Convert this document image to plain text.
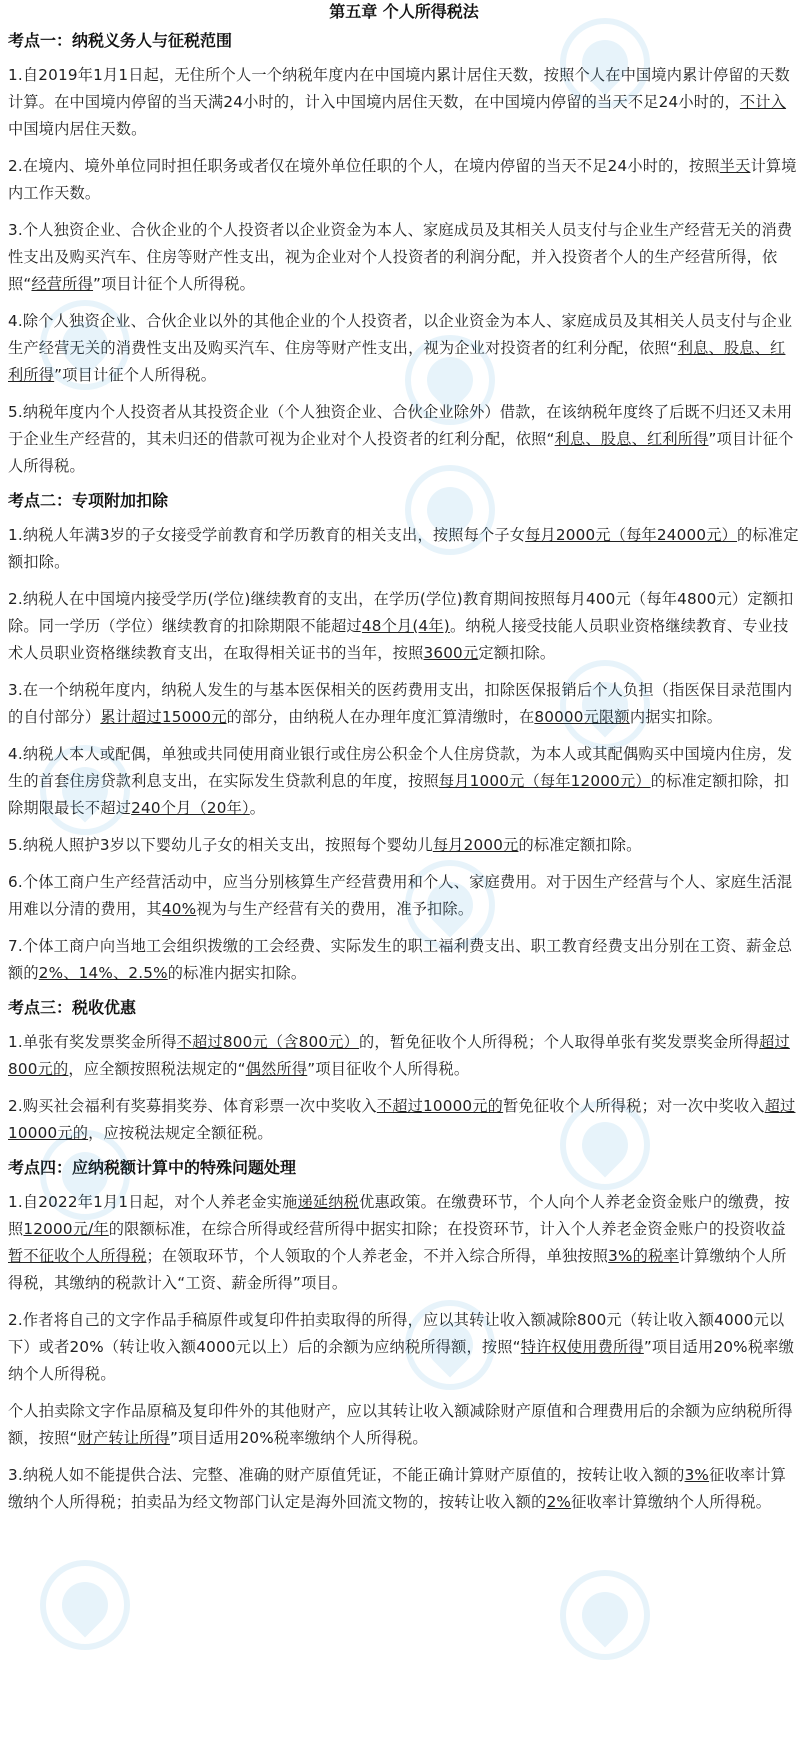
第五章 个人所得税法
考点一：纳税义务人与征税范围

1.自2019年1月1日起，无住所个人一个纳税年度内在中国境内累计居住天数，按照个人在中国境内累计停留的天数计算。在中国境内停留的当天满24小时的，计入中国境内居住天数，在中国境内停留的当天不足24小时的，不计入中国境内居住天数。

2.在境内、境外单位同时担任职务或者仅在境外单位任职的个人，在境内停留的当天不足24小时的，按照半天计算境内工作天数。

3.个人独资企业、合伙企业的个人投资者以企业资金为本人、家庭成员及其相关人员支付与企业生产经营无关的消费性支出及购买汽车、住房等财产性支出，视为企业对个人投资者的利润分配，并入投资者个人的生产经营所得，依照“经营所得”项目计征个人所得税。

4.除个人独资企业、合伙企业以外的其他企业的个人投资者，以企业资金为本人、家庭成员及其相关人员支付与企业生产经营无关的消费性支出及购买汽车、住房等财产性支出，视为企业对投资者的红利分配，依照“利息、股息、红利所得”项目计征个人所得税。

5.纳税年度内个人投资者从其投资企业（个人独资企业、合伙企业除外）借款，在该纳税年度终了后既不归还又未用于企业生产经营的，其未归还的借款可视为企业对个人投资者的红利分配，依照“利息、股息、红利所得”项目计征个人所得税。

考点二：专项附加扣除

1.纳税人年满3岁的子女接受学前教育和学历教育的相关支出，按照每个子女每月2000元（每年24000元）的标准定额扣除。

2.纳税人在中国境内接受学历(学位)继续教育的支出，在学历(学位)教育期间按照每月400元（每年4800元）定额扣除。同一学历（学位）继续教育的扣除期限不能超过48个月(4年)。纳税人接受技能人员职业资格继续教育、专业技术人员职业资格继续教育支出，在取得相关证书的当年，按照3600元定额扣除。

3.在一个纳税年度内，纳税人发生的与基本医保相关的医药费用支出，扣除医保报销后个人负担（指医保目录范围内的自付部分）累计超过15000元的部分，由纳税人在办理年度汇算清缴时，在80000元限额内据实扣除。

4.纳税人本人或配偶，单独或共同使用商业银行或住房公积金个人住房贷款，为本人或其配偶购买中国境内住房，发生的首套住房贷款利息支出，在实际发生贷款利息的年度，按照每月1000元（每年12000元）的标准定额扣除，扣除期限最长不超过240个月（20年）。

5.纳税人照护3岁以下婴幼儿子女的相关支出，按照每个婴幼儿每月2000元的标准定额扣除。

6.个体工商户生产经营活动中，应当分别核算生产经营费用和个人、家庭费用。对于因生产经营与个人、家庭生活混用难以分清的费用，其40%视为与生产经营有关的费用，准予扣除。

7.个体工商户向当地工会组织拨缴的工会经费、实际发生的职工福利费支出、职工教育经费支出分别在工资、薪金总额的2%、14%、2.5%的标准内据实扣除。

考点三：税收优惠

1.单张有奖发票奖金所得不超过800元（含800元）的，暂免征收个人所得税；个人取得单张有奖发票奖金所得超过800元的，应全额按照税法规定的“偶然所得”项目征收个人所得税。

2.购买社会福利有奖募捐奖券、体育彩票一次中奖收入不超过10000元的暂免征收个人所得税；对一次中奖收入超过10000元的，应按税法规定全额征税。

考点四：应纳税额计算中的特殊问题处理

1.自2022年1月1日起，对个人养老金实施递延纳税优惠政策。在缴费环节，个人向个人养老金资金账户的缴费，按照12000元/年的限额标准，在综合所得或经营所得中据实扣除；在投资环节，计入个人养老金资金账户的投资收益暂不征收个人所得税；在领取环节，个人领取的个人养老金，不并入综合所得，单独按照3%的税率计算缴纳个人所得税，其缴纳的税款计入“工资、薪金所得”项目。

2.作者将自己的文字作品手稿原件或复印件拍卖取得的所得，应以其转让收入额减除800元（转让收入额4000元以下）或者20%（转让收入额4000元以上）后的余额为应纳税所得额，按照“特许权使用费所得”项目适用20%税率缴纳个人所得税。

个人拍卖除文字作品原稿及复印件外的其他财产，应以其转让收入额减除财产原值和合理费用后的余额为应纳税所得额，按照“财产转让所得”项目适用20%税率缴纳个人所得税。

3.纳税人如不能提供合法、完整、准确的财产原值凭证，不能正确计算财产原值的，按转让收入额的3%征收率计算缴纳个人所得税；拍卖品为经文物部门认定是海外回流文物的，按转让收入额的2%征收率计算缴纳个人所得税。
